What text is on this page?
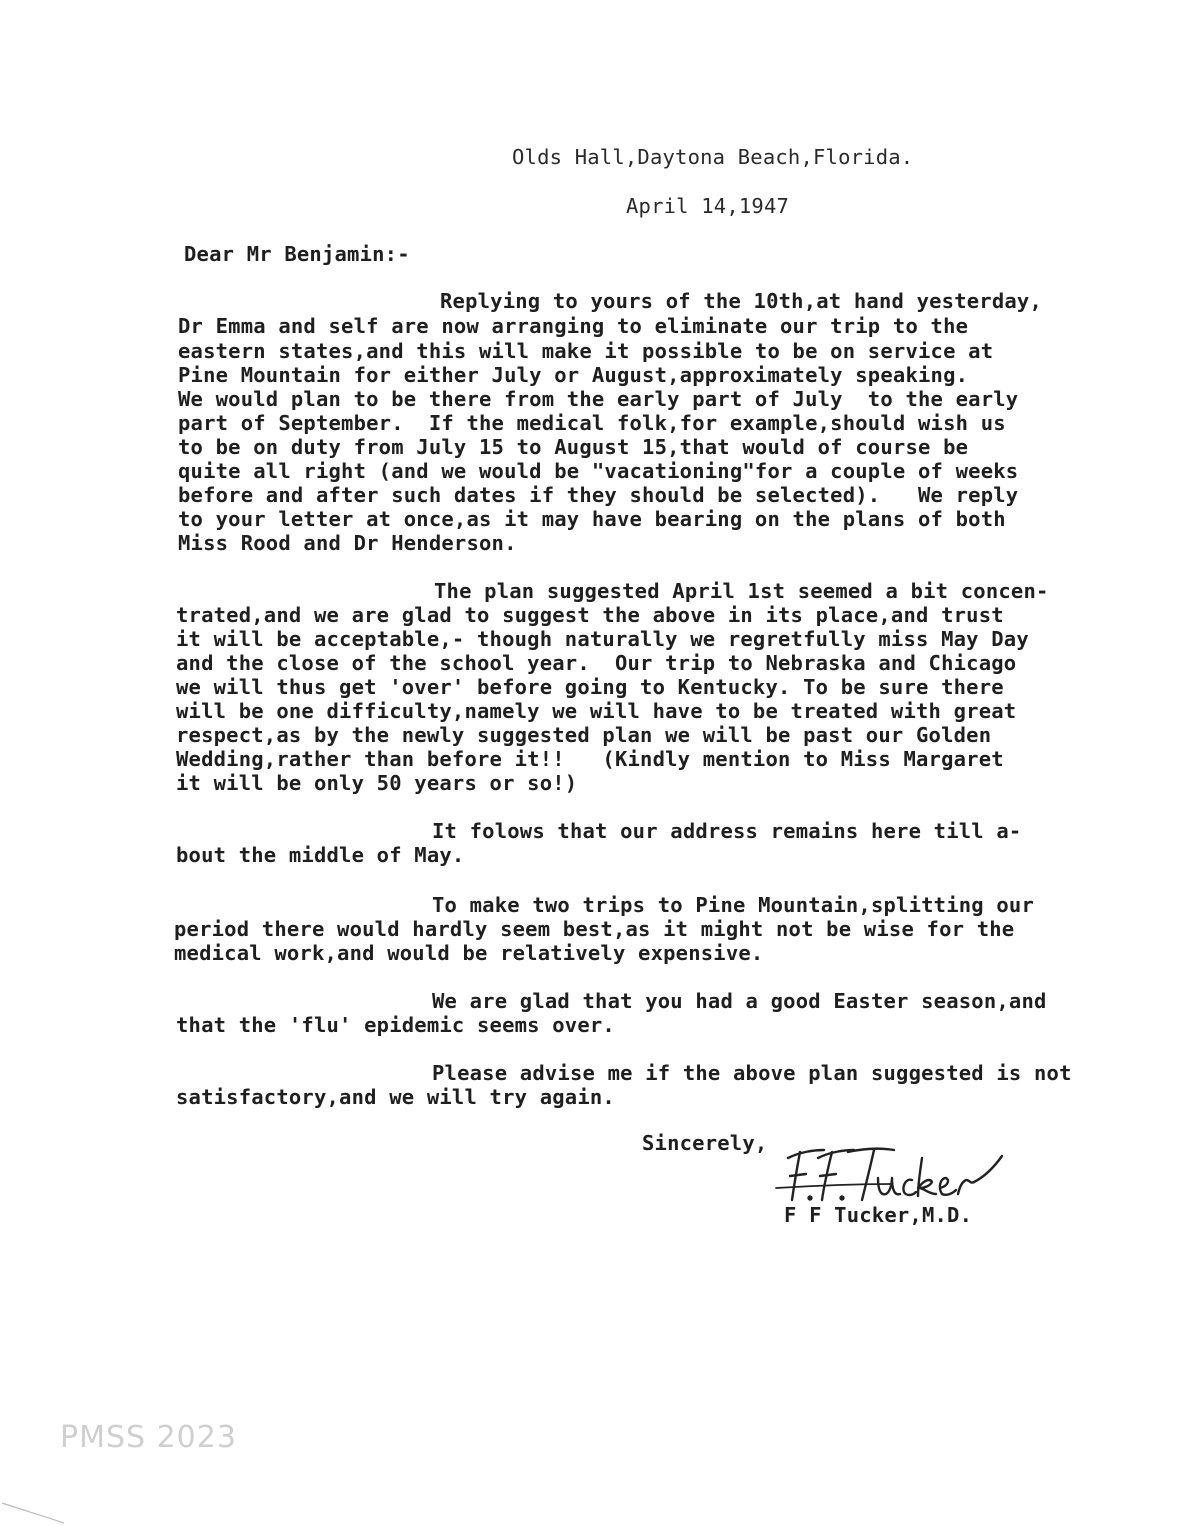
Olds Hall,Daytona Beach,Florida.
April 14,1947
Dear Mr Benjamin:-
Replying to yours of the 10th,at hand yesterday,
Dr Emma and self are now arranging to eliminate our trip to the
eastern states,and this will make it possible to be on service at
Pine Mountain for either July or August,approximately speaking.
We would plan to be there from the early part of July  to the early
part of September.  If the medical folk,for example,should wish us
to be on duty from July 15 to August 15,that would of course be
quite all right (and we would be "vacationing"for a couple of weeks
before and after such dates if they should be selected).   We reply
to your letter at once,as it may have bearing on the plans of both
Miss Rood and Dr Henderson.
The plan suggested April 1st seemed a bit concen-
trated,and we are glad to suggest the above in its place,and trust
it will be acceptable,- though naturally we regretfully miss May Day
and the close of the school year.  Our trip to Nebraska and Chicago
we will thus get 'over' before going to Kentucky. To be sure there
will be one difficulty,namely we will have to be treated with great
respect,as by the newly suggested plan we will be past our Golden
Wedding,rather than before it!!   (Kindly mention to Miss Margaret
it will be only 50 years or so!)
It folows that our address remains here till a-
bout the middle of May.
To make two trips to Pine Mountain,splitting our
period there would hardly seem best,as it might not be wise for the
medical work,and would be relatively expensive.
We are glad that you had a good Easter season,and
that the 'flu' epidemic seems over.
Please advise me if the above plan suggested is not
satisfactory,and we will try again.
Sincerely,
F F Tucker,M.D.
PMSS 2023
